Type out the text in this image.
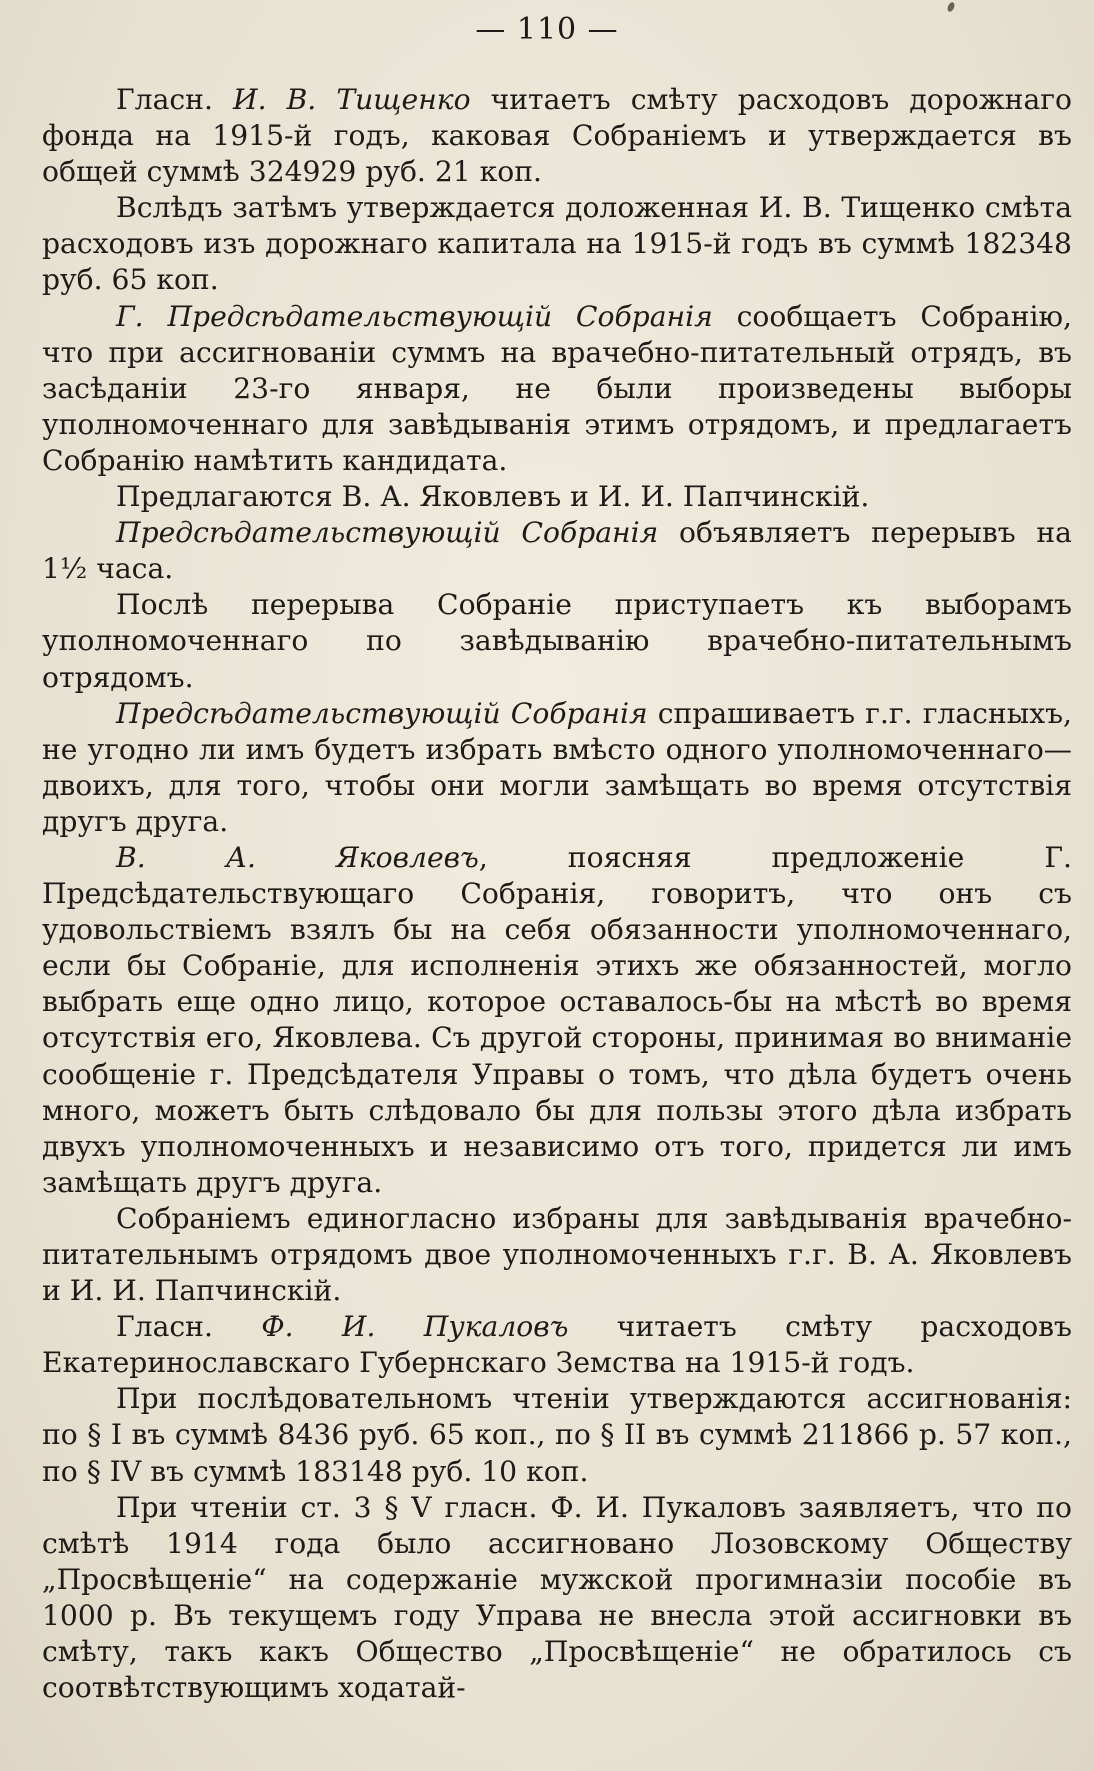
— 110 —

Гласн. И. В. Тищенко читаетъ смѣту расходовъ дорожнаго фонда на 1915-й годъ, каковая Собраніемъ и утверждается въ общей суммѣ 324929 руб. 21 коп.

Вслѣдъ затѣмъ утверждается доложенная И. В. Тищенко смѣта расходовъ изъ дорожнаго капитала на 1915-й годъ въ суммѣ 182348 руб. 65 коп.

Г. Предсѣдательствующій Собранія сообщаетъ Собранію, что при ассигнованіи суммъ на врачебно-питательный отрядъ, въ засѣданіи 23-го января, не были произведены выборы уполномоченнаго для завѣдыванія этимъ отрядомъ, и предлагаетъ Собранію намѣтить кандидата.

Предлагаются В. А. Яковлевъ и И. И. Папчинскій.

Предсѣдательствующій Собранія объявляетъ перерывъ на 1½ часа.

Послѣ перерыва Собраніе приступаетъ къ выборамъ уполномоченнаго по завѣдыванію врачебно-питательнымъ отрядомъ.

Предсѣдательствующій Собранія спрашиваетъ г.г. гласныхъ, не угодно ли имъ будетъ избрать вмѣсто одного уполномоченнаго—двоихъ, для того, чтобы они могли замѣщать во время отсутствія другъ друга.

В. А. Яковлевъ, поясняя предложеніе Г. Предсѣдательствующаго Собранія, говоритъ, что онъ съ удовольствіемъ взялъ бы на себя обязанности уполномоченнаго, если бы Собраніе, для исполненія этихъ же обязанностей, могло выбрать еще одно лицо, которое оставалось-бы на мѣстѣ во время отсутствія его, Яковлева. Съ другой стороны, принимая во вниманіе сообщеніе г. Предсѣдателя Управы о томъ, что дѣла будетъ очень много, можетъ быть слѣдовало бы для пользы этого дѣла избрать двухъ уполномоченныхъ и независимо отъ того, придется ли имъ замѣщать другъ друга.

Собраніемъ единогласно избраны для завѣдыванія врачебно-питательнымъ отрядомъ двое уполномоченныхъ г.г. В. А. Яковлевъ и И. И. Папчинскій.

Гласн. Ф. И. Пукаловъ читаетъ смѣту расходовъ Екатеринославскаго Губернскаго Земства на 1915-й годъ.

При послѣдовательномъ чтеніи утверждаются ассигнованія: по § I въ суммѣ 8436 руб. 65 коп., по § II въ суммѣ 211866 р. 57 коп., по § IV въ суммѣ 183148 руб. 10 коп.

При чтеніи ст. 3 § V гласн. Ф. И. Пукаловъ заявляетъ, что по смѣтѣ 1914 года было ассигновано Лозовскому Обществу „Просвѣщеніе“ на содержаніе мужской прогимназіи пособіе въ 1000 р. Въ текущемъ году Управа не внесла этой ассигновки въ смѣту, такъ какъ Общество „Просвѣщеніе“ не обратилось съ соотвѣтствующимъ ходатай-
